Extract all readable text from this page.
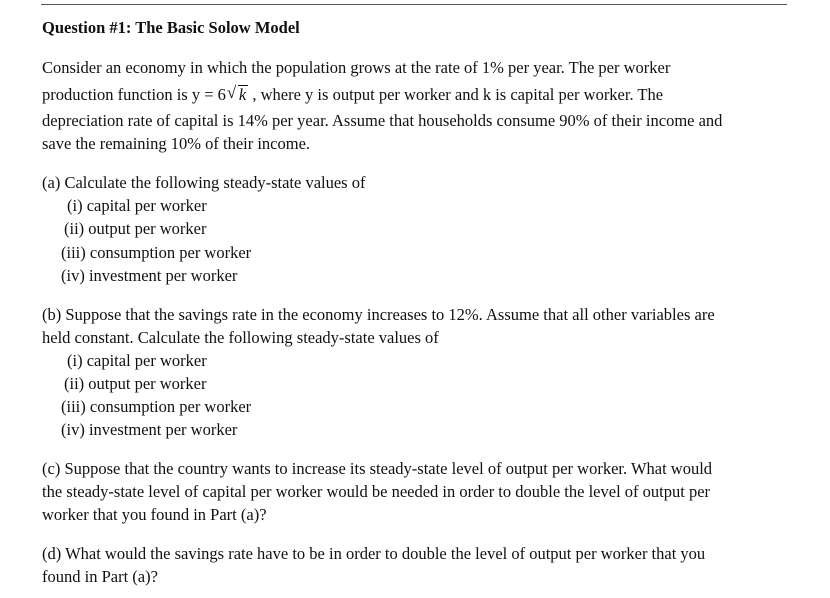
Question #1: The Basic Solow Model
Consider an economy in which the population grows at the rate of 1% per year. The per worker
production function is y = 6 √ k , where y is output per worker and k is capital per worker. The
depreciation rate of capital is 14% per year. Assume that households consume 90% of their income and
save the remaining 10% of their income.
(a) Calculate the following steady-state values of
(i) capital per worker
(ii) output per worker
(iii) consumption per worker
(iv) investment per worker
(b) Suppose that the savings rate in the economy increases to 12%. Assume that all other variables are
held constant. Calculate the following steady-state values of
(i) capital per worker
(ii) output per worker
(iii) consumption per worker
(iv) investment per worker
(c) Suppose that the country wants to increase its steady-state level of output per worker. What would
the steady-state level of capital per worker would be needed in order to double the level of output per
worker that you found in Part (a)?
(d) What would the savings rate have to be in order to double the level of output per worker that you
found in Part (a)?
